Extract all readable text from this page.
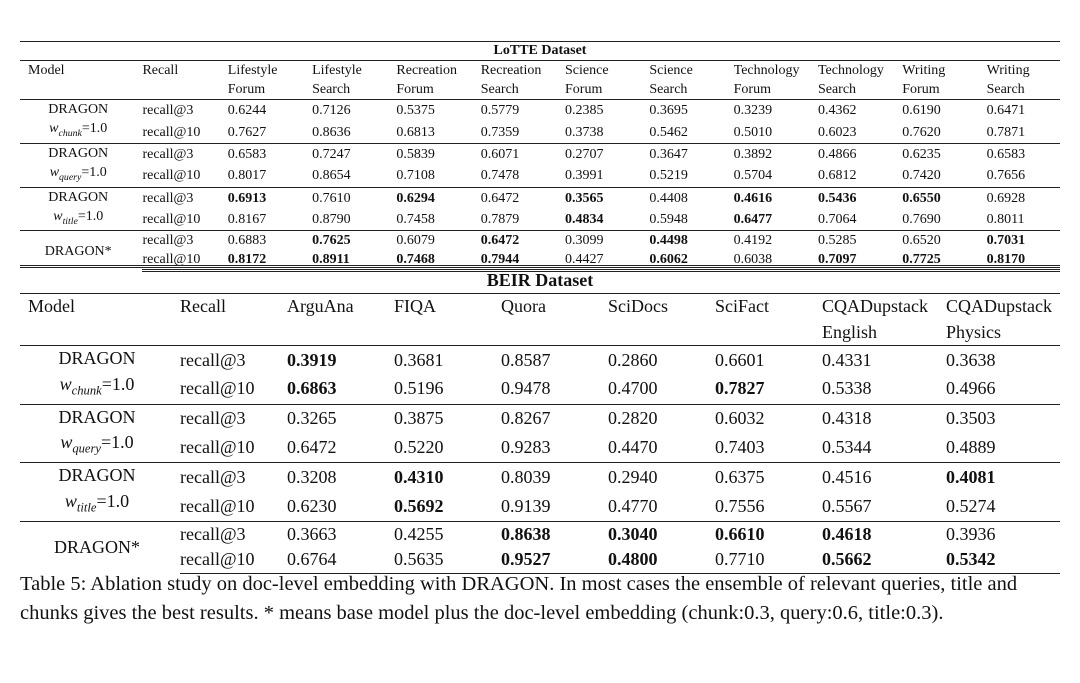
LoTTE Dataset											
Model	Recall	Lifestyle	Lifestyle	Recreation	Recreation	Science	Science	Technology	Technology	Writing	Writing
		Forum	Search	Forum	Search	Forum	Search	Forum	Search	Forum	Search

DRAGON
$w_{chunk}=1.0$	recall@3	0.6244	0.7126	0.5375	0.5779	0.2385	0.3695	0.3239	0.4362	0.6190	0.6471
	recall@10	0.7627	0.8636	0.6813	0.7359	0.3738	0.5462	0.5010	0.6023	0.7620	0.7871

DRAGON
$w_{query}=1.0$	recall@3	0.6583	0.7247	0.5839	0.6071	0.2707	0.3647	0.3892	0.4866	0.6235	0.6583
	recall@10	0.8017	0.8654	0.7108	0.7478	0.3991	0.5219	0.5704	0.6812	0.7420	0.7656

DRAGON
$w_{title}=1.0$	recall@3	0.6913	0.7610	0.6294	0.6472	0.3565	0.4408	0.4616	0.5436	0.6550	0.6928
	recall@10	0.8167	0.8790	0.7458	0.7879	0.4834	0.5948	0.6477	0.7064	0.7690	0.8011

DRAGON*	recall@3	0.6883	0.7625	0.6079	0.6472	0.3099	0.4498	0.4192	0.5285	0.6520	0.7031
	recall@10	0.8172	0.8911	0.7468	0.7944	0.4427	0.6062	0.6038	0.7097	0.7725	0.8170
BEIR Dataset								
Model	Recall	ArguAna	FIQA	Quora	SciDocs	SciFact	CQADupstack	CQADupstack
							English	Physics

DRAGON
$w_{chunk}=1.0$	recall@3	0.3919	0.3681	0.8587	0.2860	0.6601	0.4331	0.3638
	recall@10	0.6863	0.5196	0.9478	0.4700	0.7827	0.5338	0.4966

DRAGON
$w_{query}=1.0$	recall@3	0.3265	0.3875	0.8267	0.2820	0.6032	0.4318	0.3503
	recall@10	0.6472	0.5220	0.9283	0.4470	0.7403	0.5344	0.4889

DRAGON
$w_{title}=1.0$	recall@3	0.3208	0.4310	0.8039	0.2940	0.6375	0.4516	0.4081
	recall@10	0.6230	0.5692	0.9139	0.4770	0.7556	0.5567	0.5274

DRAGON*	recall@3	0.3663	0.4255	0.8638	0.3040	0.6610	0.4618	0.3936
	recall@10	0.6764	0.5635	0.9527	0.4800	0.7710	0.5662	0.5342
Table 5: Ablation study on doc-level embedding with DRAGON. In most cases the ensemble of relevant queries, title and chunks gives the best results. * means base model plus the doc-level embedding (chunk:0.3, query:0.6, title:0.3).
